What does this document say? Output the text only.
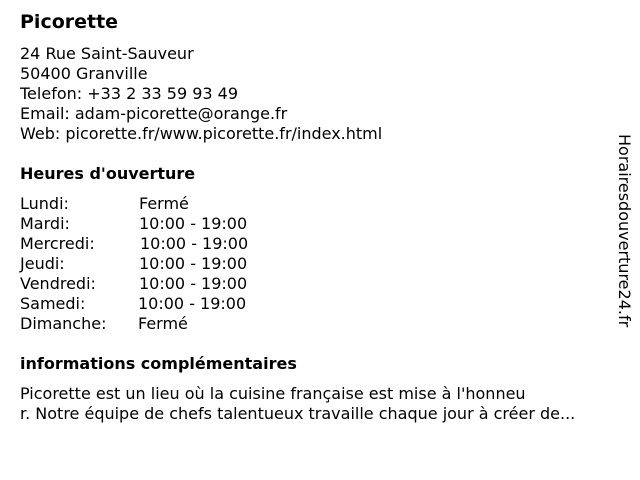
Picorette
24 Rue Saint-Sauveur
50400 Granville
Telefon: +33 2 33 59 93 49
Email: adam-picorette@orange.fr
Web: picorette.fr/www.picorette.fr/index.html
Heures d'ouverture
Lundi:	Fermé
Mardi:	10:00 - 19:00
Mercredi:	10:00 - 19:00
Jeudi:	10:00 - 19:00
Vendredi:	10:00 - 19:00
Samedi:	10:00 - 19:00
Dimanche: Fermé
informations complémentaires
Picorette est un lieu où la cuisine française est mise à l'honneu
r. Notre équipe de chefs talentueux travaille chaque jour à créer de...
Horairesdouverture24.fr
